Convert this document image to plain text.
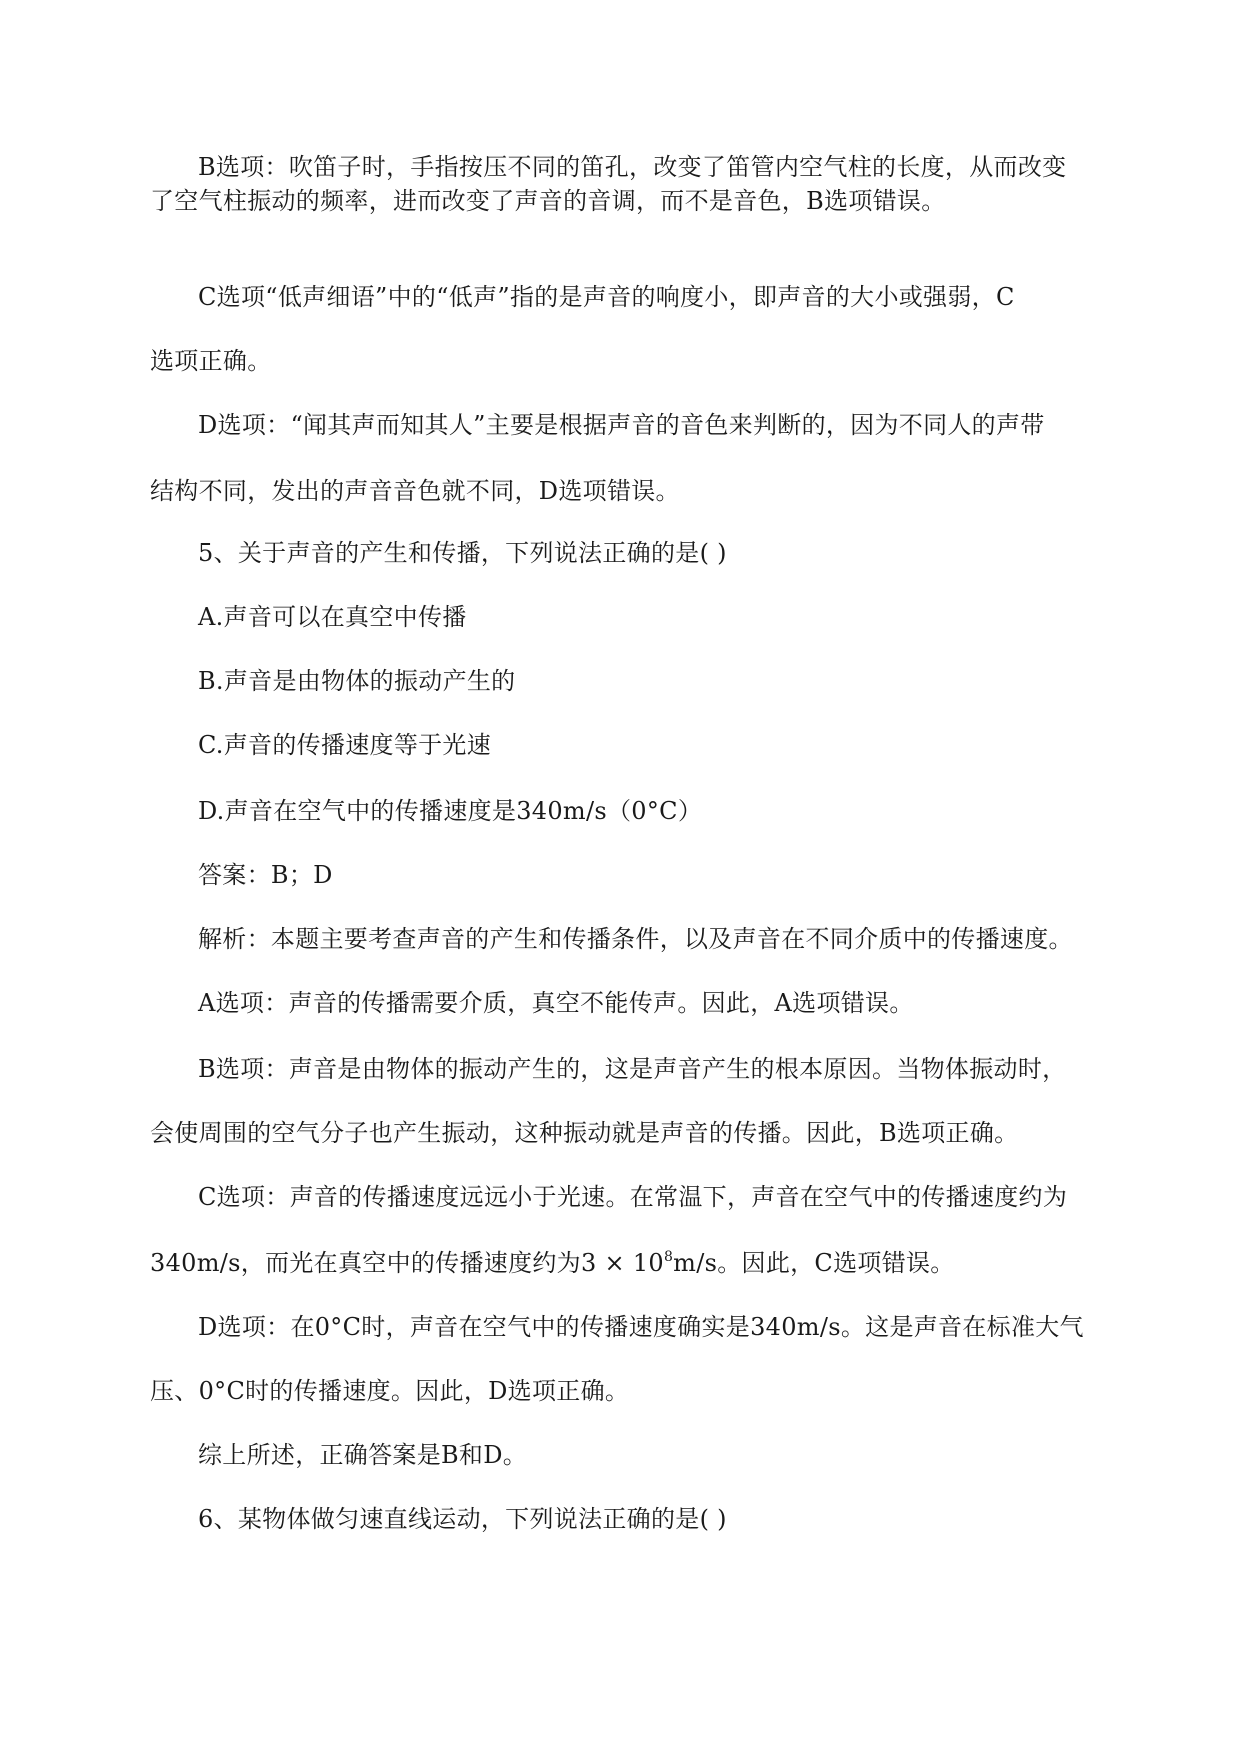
B选项：吹笛子时，手指按压不同的笛孔，改变了笛管内空气柱的长度，从而改变
了空气柱振动的频率，进而改变了声音的音调，而不是音色，B选项错误。
C选项“低声细语”中的“低声”指的是声音的响度小，即声音的大小或强弱，C
选项正确。
D选项：“闻其声而知其人”主要是根据声音的音色来判断的，因为不同人的声带
结构不同，发出的声音音色就不同，D选项错误。
5、关于声音的产生和传播，下列说法正确的是( )
A.声音可以在真空中传播
B.声音是由物体的振动产生的
C.声音的传播速度等于光速
D.声音在空气中的传播速度是340m/s（0°C）
答案：B；D
解析：本题主要考查声音的产生和传播条件，以及声音在不同介质中的传播速度。
A选项：声音的传播需要介质，真空不能传声。因此，A选项错误。
B选项：声音是由物体的振动产生的，这是声音产生的根本原因。当物体振动时，
会使周围的空气分子也产生振动，这种振动就是声音的传播。因此，B选项正确。
C选项：声音的传播速度远远小于光速。在常温下，声音在空气中的传播速度约为
340m/s，而光在真空中的传播速度约为$3 \times 10^8m/s$。因此，C选项错误。
D选项：在0°C时，声音在空气中的传播速度确实是340m/s。这是声音在标准大气
压、0°C时的传播速度。因此，D选项正确。
综上所述，正确答案是B和D。
6、某物体做匀速直线运动，下列说法正确的是( )
